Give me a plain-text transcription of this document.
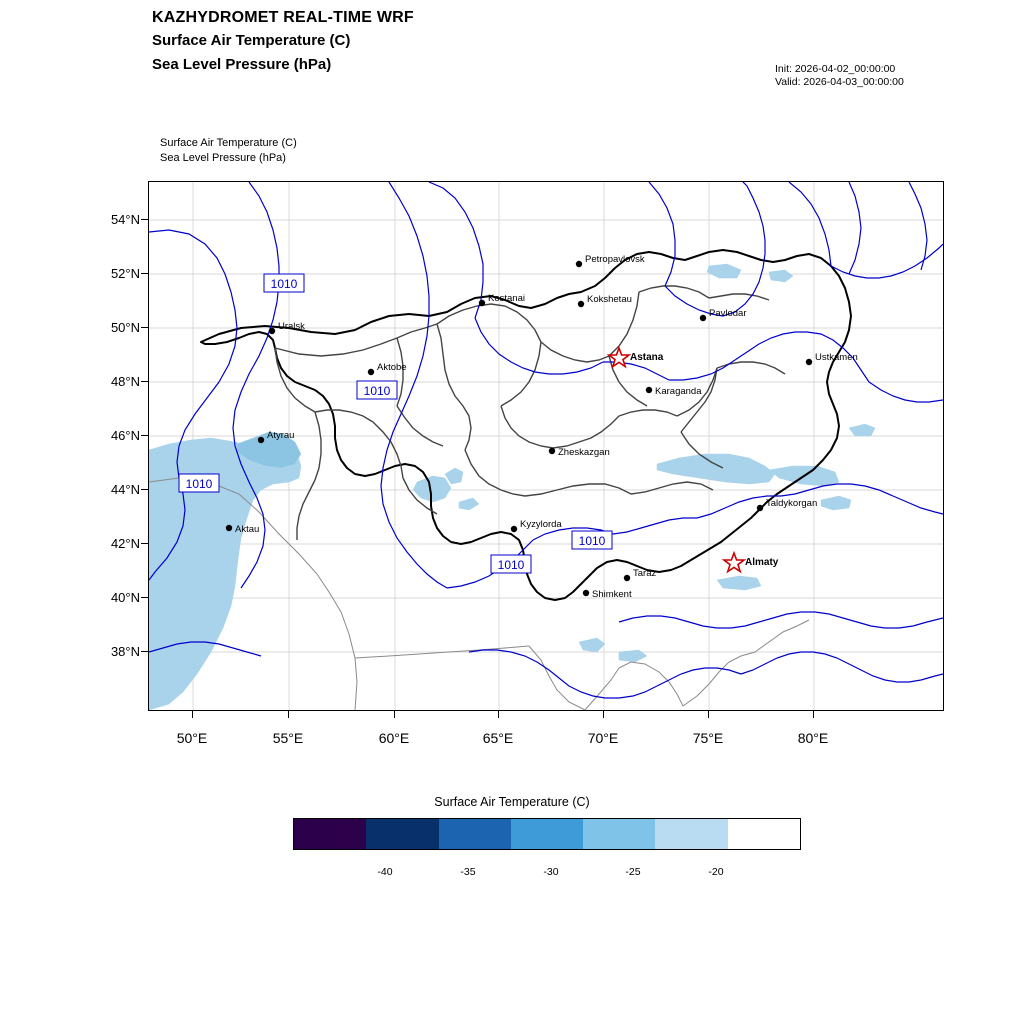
KAZHYDROMET REAL-TIME WRF
Surface Air Temperature (C)
Sea Level Pressure (hPa)	Init: 2026-04-02_00:00:00
Valid: 2026-04-03_00:00:00
Surface Air Temperature (C)
Sea Level Pressure (hPa)
1010
1010
1010
1010
1010
Petropavlovsk
Kostanai	Kokshetau
Pavlodar
Uralsk
Aktobe
Karaganda
Ustkamen
Atyrau
Zheskazgan
Taldykorgan
Aktau	Kyzylorda
Taraz
Shimkent
Astana
Almaty
54°N
52°N
50°N
48°N
46°N
44°N
42°N
40°N
38°N
50°E	55°E	60°E	65°E	70°E	75°E	80°E
Surface Air Temperature (C)
-40	-35	-30	-25	-20
